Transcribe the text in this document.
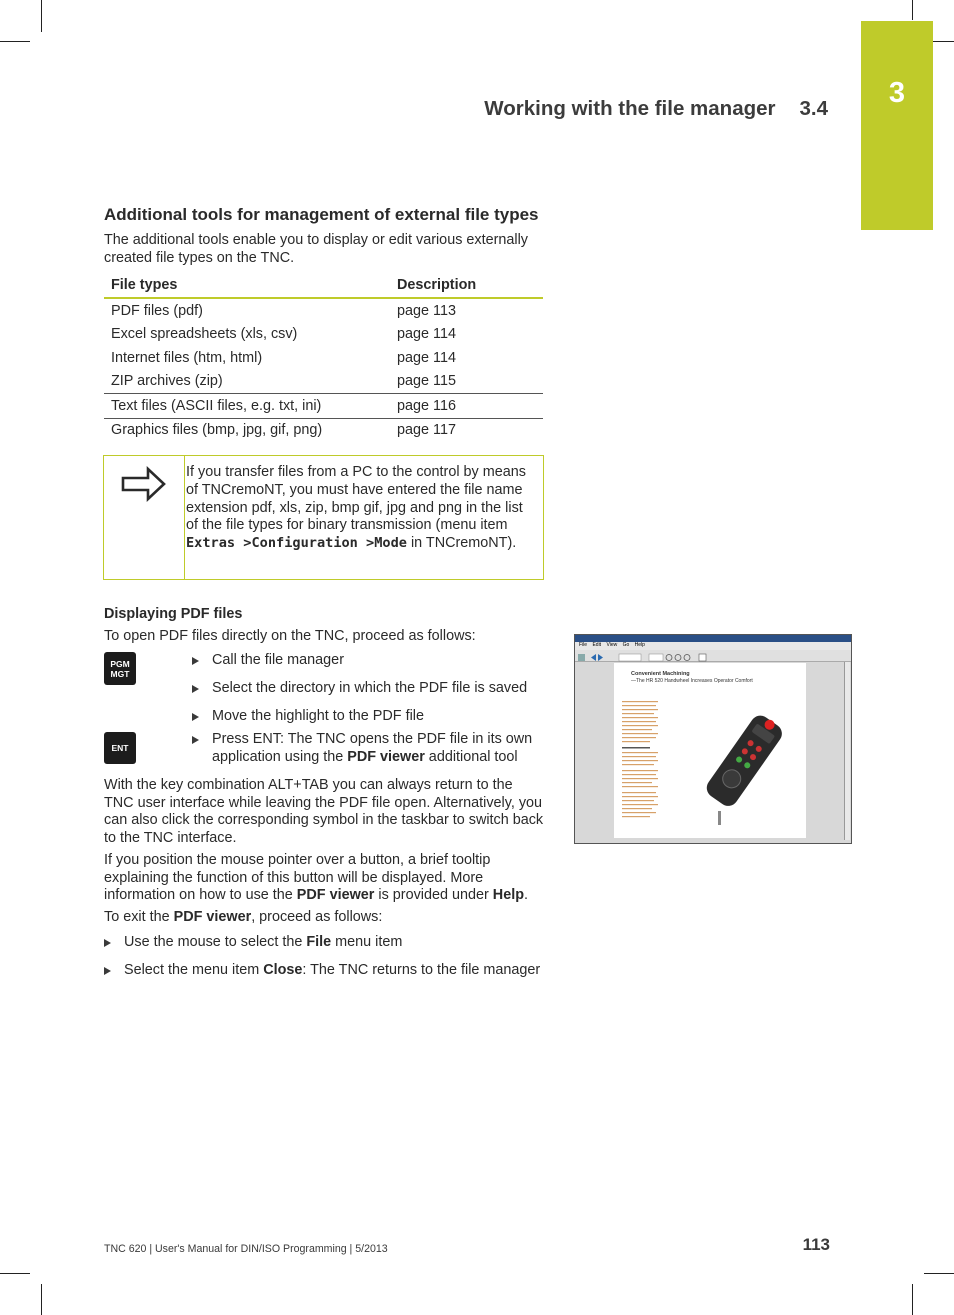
3
Working with the file manager 3.4
Additional tools for management of external file types

The additional tools enable you to display or edit various externally created file types on the TNC.

File types	Description
PDF files (pdf)	page 113
Excel spreadsheets (xls, csv)	page 114
Internet files (htm, html)	page 114
ZIP archives (zip)	page 115
Text files (ASCII files, e.g. txt, ini)	page 116
Graphics files (bmp, jpg, gif, png)	page 117
If you transfer files from a PC to the control by means of TNCremoNT, you must have entered the file name extension pdf, xls, zip, bmp gif, jpg and png in the list of the file types for binary transmission (menu item Extras >Configuration >Mode in TNCremoNT).
Displaying PDF files
To open PDF files directly on the TNC, proceed as follows:
PGM
MGT
ENT
Call the file manager
Select the directory in which the PDF file is saved
Move the highlight to the PDF file
Press ENT: The TNC opens the PDF file in its own application using the PDF viewer additional tool

With the key combination ALT+TAB you can always return to the TNC user interface while leaving the PDF file open. Alternatively, you can also click the corresponding symbol in the taskbar to switch back to the TNC interface.

If you position the mouse pointer over a button, a brief tooltip explaining the function of this button will be displayed. More information on how to use the PDF viewer is provided under Help.

To exit the PDF viewer, proceed as follows:

Use the mouse to select the File menu item
Select the menu item Close: The TNC returns to the file manager
File Edit View Go Help
Convenient Machining
—The HR 520 Handwheel Increases Operator Comfort
TNC 620 | User's Manual for DIN/ISO Programming | 5/2013	113
